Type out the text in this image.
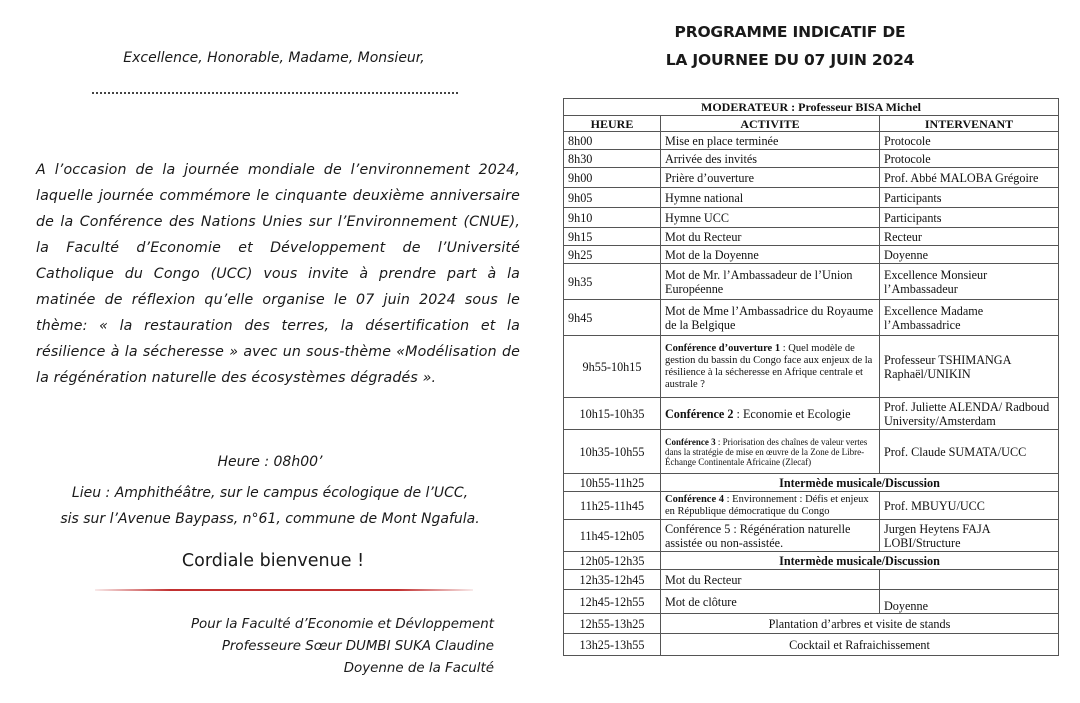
Excellence, Honorable, Madame, Monsieur,

A l’occasion de la journée mondiale de l’environnement 2024, laquelle journée commémore le cinquante deuxième anniversaire de la Conférence des Nations Unies sur l’Environnement (CNUE), la Faculté d’Economie et Développement de l’Université Catholique du Congo (UCC) vous invite à prendre part à la matinée de réflexion qu’elle organise le 07 juin 2024 sous le thème: « la restauration des terres, la désertification et la résilience à la sécheresse » avec un sous-thème «Modélisation de la régénération naturelle des écosystèmes dégradés ».

Heure : 08h00’
Lieu : Amphithéâtre, sur le campus écologique de l’UCC,
sis sur l’Avenue Baypass, n°61, commune de Mont Ngafula.
Cordiale bienvenue !
Pour la Faculté d’Economie et Dévloppement
Professeure Sœur DUMBI SUKA Claudine
Doyenne de la Faculté
PROGRAMME INDICATIF DE
LA JOURNEE DU 07 JUIN 2024
MODERATEUR : Professeur BISA Michel		
HEURE	ACTIVITE	INTERVENANT
8h00	Mise en place terminée	Protocole
8h30	Arrivée des invités	Protocole
9h00	Prière d’ouverture	Prof. Abbé MALOBA Grégoire
9h05	Hymne national	Participants
9h10	Hymne UCC	Participants
9h15	Mot du Recteur	Recteur
9h25	Mot de la Doyenne	Doyenne
9h35	Mot de Mr. l’Ambassadeur de l’Union Européenne	Excellence Monsieur l’Ambassadeur
9h45	Mot de Mme l’Ambassadrice du Royaume de la Belgique	Excellence Madame l’Ambassadrice
9h55-10h15	Conférence d’ouverture 1 : Quel modèle de gestion du bassin du Congo face aux enjeux de la résilience à la sécheresse en Afrique centrale et australe ?	Professeur TSHIMANGA Raphaël/UNIKIN
10h15-10h35	Conférence 2 : Economie et Ecologie	Prof. Juliette ALENDA/ Radboud University/Amsterdam
10h35-10h55	Conférence 3 : Priorisation des chaînes de valeur vertes dans la stratégie de mise en œuvre de la Zone de Libre-Échange Continentale Africaine (Zlecaf)	Prof. Claude SUMATA/UCC
10h55-11h25	Intermède musicale/Discussion	
11h25-11h45	Conférence 4 : Environnement : Défis et enjeux en République démocratique du Congo	Prof. MBUYU/UCC
11h45-12h05	Conférence 5 : Régénération naturelle assistée ou non-assistée.	Jurgen Heytens FAJA LOBI/Structure
12h05-12h35	Intermède musicale/Discussion	
12h35-12h45	Mot du Recteur	
12h45-12h55	Mot de clôture	Doyenne
12h55-13h25	Plantation d’arbres et visite de stands	
13h25-13h55	Cocktail et Rafraichissement	
